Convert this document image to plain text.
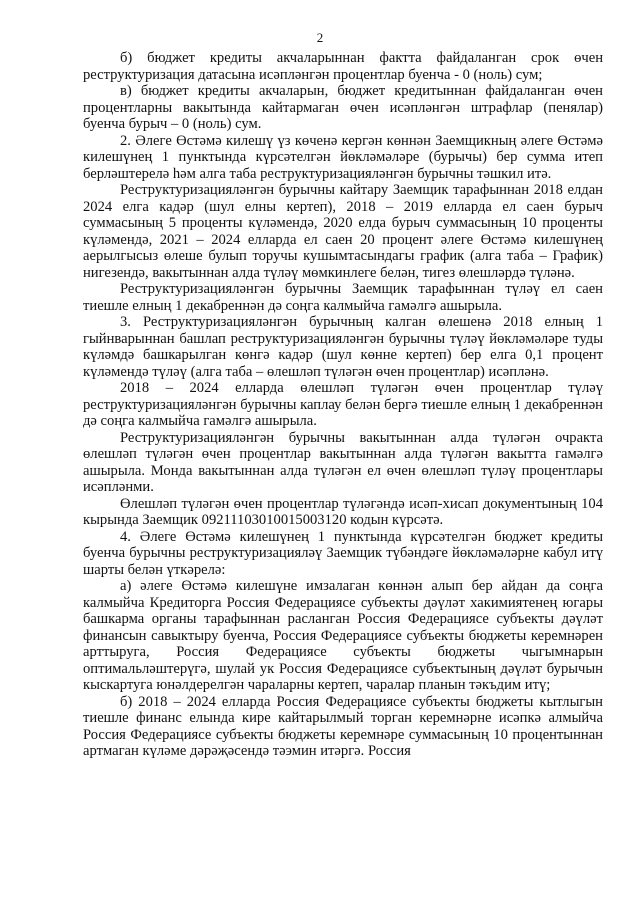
2

б) бюджет кредиты акчаларыннан фактта файдаланган срок өчен реструктуризация датасына исәпләнгән процентлар буенча - 0 (ноль) сум;

в) бюджет кредиты акчаларын, бюджет кредитыннан файдаланган өчен процентларны вакытында кайтармаган өчен исәпләнгән штрафлар (пенялар) буенча бурыч – 0 (ноль) сум.

2. Әлеге Өстәмә килешү үз көченә кергән көннән Заемщикның әлеге Өстәмә килешүнең 1 пунктында күрсәтелгән йөкләмәләре (бурычы) бер сумма итеп берләштерелә һәм алга таба реструктуризацияләнгән бурычны тәшкил итә.

Реструктуризацияләнгән бурычны кайтару Заемщик тарафыннан 2018 елдан 2024 елга кадәр (шул елны кертеп), 2018 – 2019 елларда ел саен бурыч суммасының 5 проценты күләмендә, 2020 елда бурыч суммасының 10 проценты күләмендә, 2021 – 2024 елларда ел саен 20 процент әлеге Өстәмә килешүнең аерылгысыз өлеше булып торучы кушымтасындагы график (алга таба – График) нигезендә, вакытыннан алда түләү мөмкинлеге белән, тигез өлешләрдә түләнә.

Реструктуризацияләнгән бурычны Заемщик тарафыннан түләү ел саен тиешле елның 1 декабреннән дә соңга калмыйча гамәлгә ашырыла.

3. Реструктуризацияләнгән бурычның калган өлешенә 2018 елның 1 гыйнварыннан башлап реструктуризацияләнгән бурычны түләү йөкләмәләре туды күләмдә башкарылган көнгә кадәр (шул көнне кертеп) бер елга 0,1 процент күләмендә түләү (алга таба – өлешләп түләгән өчен процентлар) исәпләнә.

2018 – 2024 елларда өлешләп түләгән өчен процентлар түләү реструктуризацияләнгән бурычны каплау белән бергә тиешле елның 1 декабреннән дә соңга калмыйча гамәлгә ашырыла.

Реструктуризацияләнгән бурычны вакытыннан алда түләгән очракта өлешләп түләгән өчен процентлар вакытыннан алда түләгән вакытта гамәлгә ашырыла. Монда вакытыннан алда түләгән ел өчен өлешләп түләү процентлары исәпләнми.

Өлешләп түләгән өчен процентлар түләгәндә исәп-хисап документының 104 кырында Заемщик 09211103010015003120 кодын күрсәтә.

4. Әлеге Өстәмә килешүнең 1 пунктында күрсәтелгән бюджет кредиты буенча бурычны реструктуризацияләү Заемщик түбәндәге йөкләмәләрне кабул итү шарты белән үткәрелә:

а) әлеге Өстәмә килешүне имзалаган көннән алып бер айдан да соңга калмыйча Кредиторга Россия Федерациясе субъекты дәүләт хакимиятенең югары башкарма органы тарафыннан расланган Россия Федерациясе субъекты дәүләт финансын савыктыру буенча, Россия Федерациясе субъекты бюджеты керемнәрен арттыруга, Россия Федерациясе субъекты бюджеты чыгымнарын оптимальләштерүгә, шулай ук Россия Федерациясе субъектының дәүләт бурычын кыскартуга юнәлдерелгән чараларны кертеп, чаралар планын тәкъдим итү;

б) 2018 – 2024 елларда Россия Федерациясе субъекты бюджеты кытлыгын тиешле финанс елында кире кайтарылмый торган керемнәрне исәпкә алмыйча Россия Федерациясе субъекты бюджеты керемнәре суммасының 10 процентыннан артмаган күләме дәрәҗәсендә тәэмин итәргә. Россия
